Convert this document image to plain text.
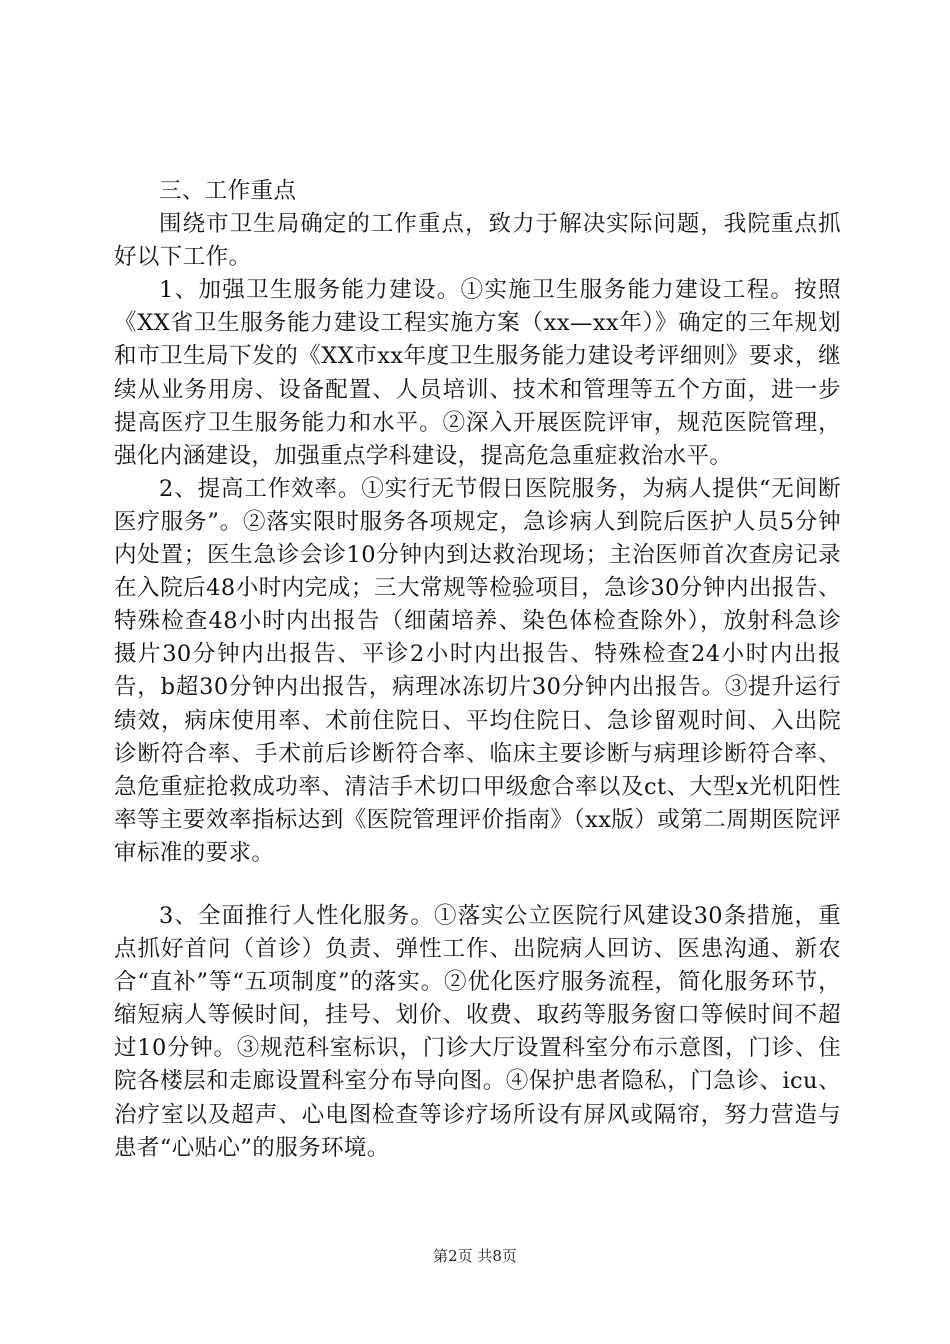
三、工作重点

围绕市卫生局确定的工作重点，致力于解决实际问题，我院重点抓好以下工作。

1、加强卫生服务能力建设。①实施卫生服务能力建设工程。按照《XX省卫生服务能力建设工程实施方案（xx—xx年）》确定的三年规划和市卫生局下发的《XX市xx年度卫生服务能力建设考评细则》要求，继续从业务用房、设备配置、人员培训、技术和管理等五个方面，进一步提高医疗卫生服务能力和水平。②深入开展医院评审，规范医院管理，强化内涵建设，加强重点学科建设，提高危急重症救治水平。

2、提高工作效率。①实行无节假日医院服务，为病人提供“无间断医疗服务”。②落实限时服务各项规定，急诊病人到院后医护人员5分钟内处置；医生急诊会诊10分钟内到达救治现场；主治医师首次查房记录在入院后48小时内完成；三大常规等检验项目，急诊30分钟内出报告、特殊检查48小时内出报告（细菌培养、染色体检查除外），放射科急诊摄片30分钟内出报告、平诊2小时内出报告、特殊检查24小时内出报告，b超30分钟内出报告，病理冰冻切片30分钟内出报告。③提升运行绩效，病床使用率、术前住院日、平均住院日、急诊留观时间、入出院诊断符合率、手术前后诊断符合率、临床主要诊断与病理诊断符合率、急危重症抢救成功率、清洁手术切口甲级愈合率以及ct、大型x光机阳性率等主要效率指标达到《医院管理评价指南》（xx版）或第二周期医院评审标准的要求。

3、全面推行人性化服务。①落实公立医院行风建设30条措施，重点抓好首问（首诊）负责、弹性工作、出院病人回访、医患沟通、新农合“直补”等“五项制度”的落实。②优化医疗服务流程，简化服务环节，缩短病人等候时间，挂号、划价、收费、取药等服务窗口等候时间不超过10分钟。③规范科室标识，门诊大厅设置科室分布示意图，门诊、住院各楼层和走廊设置科室分布导向图。④保护患者隐私，门急诊、icu、治疗室以及超声、心电图检查等诊疗场所设有屏风或隔帘，努力营造与患者“心贴心”的服务环境。

第2页 共8页
